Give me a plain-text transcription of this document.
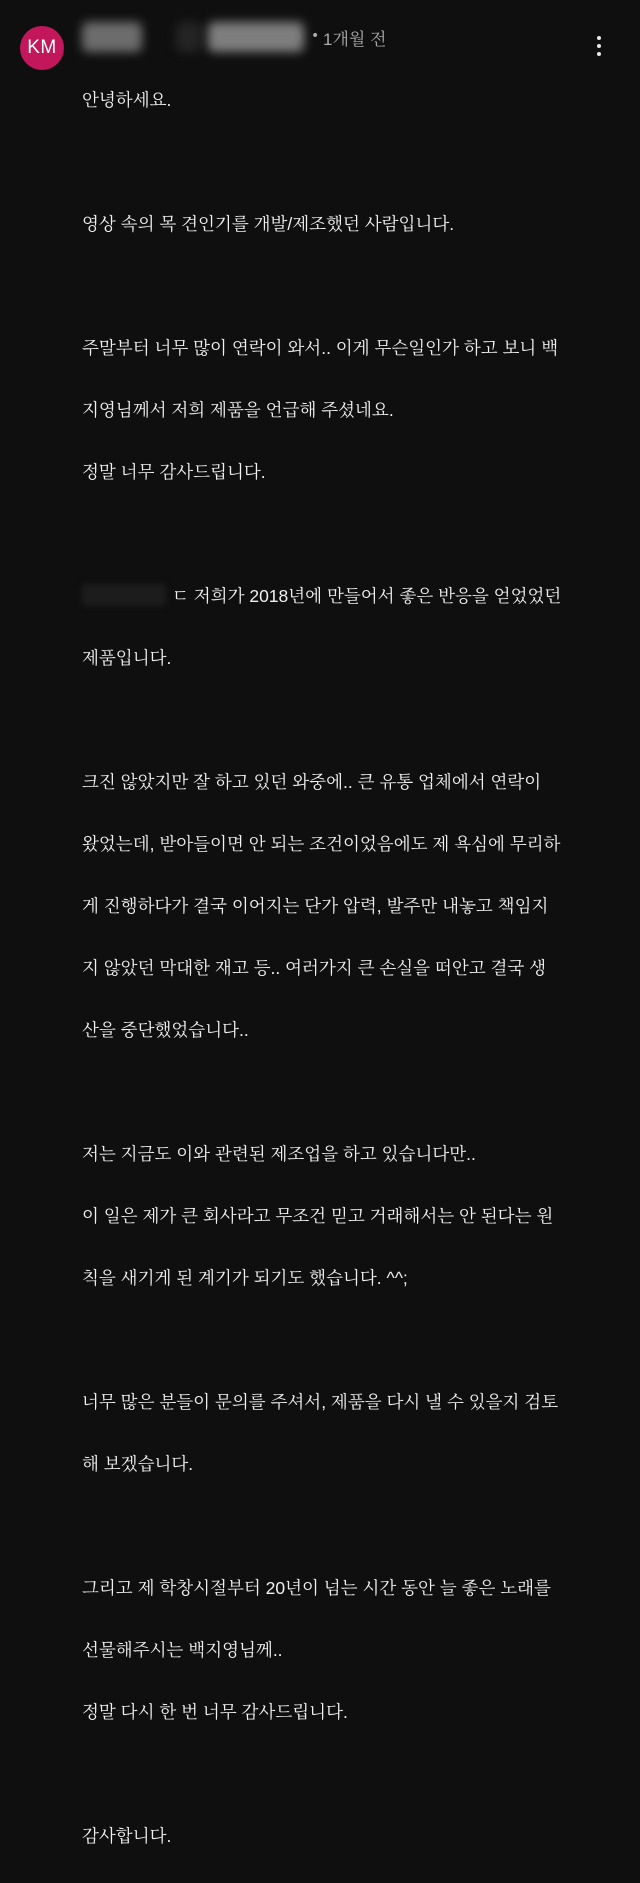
KM
• 1개월 전

안녕하세요.

영상 속의 목 견인기를 개발/제조했던 사람입니다.

주말부터 너무 많이 연락이 와서.. 이게 무슨일인가 하고 보니 백

지영님께서 저희 제품을 언급해 주셨네요.

정말 너무 감사드립니다.

ㄷ 저희가 2018년에 만들어서 좋은 반응을 얻었었던

제품입니다.

크진 않았지만 잘 하고 있던 와중에.. 큰 유통 업체에서 연락이

왔었는데, 받아들이면 안 되는 조건이었음에도 제 욕심에 무리하

게 진행하다가 결국 이어지는 단가 압력, 발주만 내놓고 책임지

지 않았던 막대한 재고 등.. 여러가지 큰 손실을 떠안고 결국 생

산을 중단했었습니다..

저는 지금도 이와 관련된 제조업을 하고 있습니다만..

이 일은 제가 큰 회사라고 무조건 믿고 거래해서는 안 된다는 원

칙을 새기게 된 계기가 되기도 했습니다. ^^;

너무 많은 분들이 문의를 주셔서, 제품을 다시 낼 수 있을지 검토

해 보겠습니다.

그리고 제 학창시절부터 20년이 넘는 시간 동안 늘 좋은 노래를

선물해주시는 백지영님께..

정말 다시 한 번 너무 감사드립니다.

감사합니다.
